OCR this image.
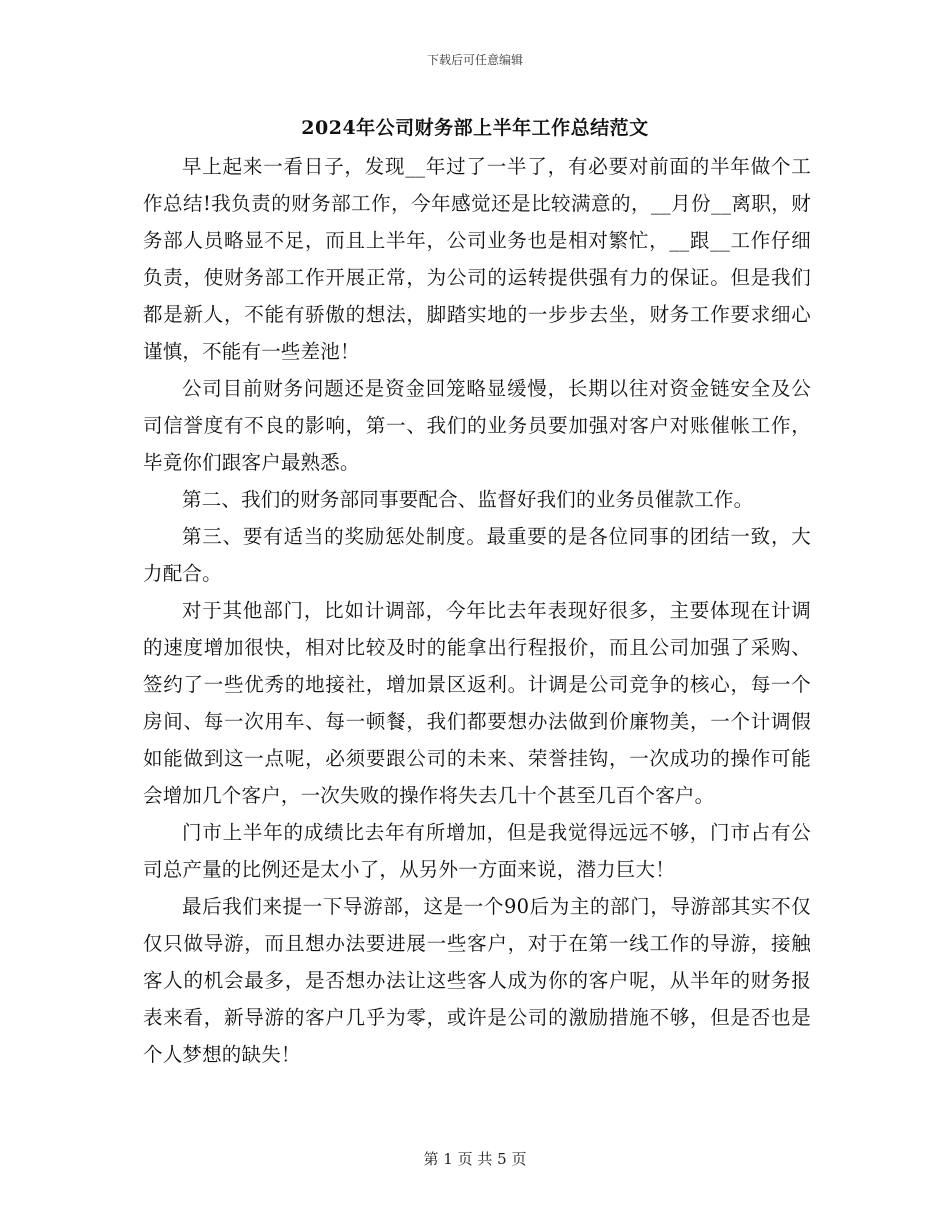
下载后可任意编辑
2024年公司财务部上半年工作总结范文

早上起来一看日子，发现__年过了一半了，有必要对前面的半年做个工作总结!我负责的财务部工作，今年感觉还是比较满意的，__月份__离职，财务部人员略显不足，而且上半年，公司业务也是相对繁忙，__跟__工作仔细负责，使财务部工作开展正常，为公司的运转提供强有力的保证。但是我们都是新人，不能有骄傲的想法，脚踏实地的一步步去坐，财务工作要求细心谨慎，不能有一些差池！

公司目前财务问题还是资金回笼略显缓慢，长期以往对资金链安全及公司信誉度有不良的影响，第一、我们的业务员要加强对客户对账催帐工作，毕竟你们跟客户最熟悉。

第二、我们的财务部同事要配合、监督好我们的业务员催款工作。

第三、要有适当的奖励惩处制度。最重要的是各位同事的团结一致，大力配合。

对于其他部门，比如计调部，今年比去年表现好很多，主要体现在计调的速度增加很快，相对比较及时的能拿出行程报价，而且公司加强了采购、签约了一些优秀的地接社，增加景区返利。计调是公司竞争的核心，每一个房间、每一次用车、每一顿餐，我们都要想办法做到价廉物美，一个计调假如能做到这一点呢，必须要跟公司的未来、荣誉挂钩，一次成功的操作可能会增加几个客户，一次失败的操作将失去几十个甚至几百个客户。

门市上半年的成绩比去年有所增加，但是我觉得远远不够，门市占有公司总产量的比例还是太小了，从另外一方面来说，潜力巨大！

最后我们来提一下导游部，这是一个90后为主的部门，导游部其实不仅仅只做导游，而且想办法要进展一些客户，对于在第一线工作的导游，接触客人的机会最多，是否想办法让这些客人成为你的客户呢，从半年的财务报表来看，新导游的客户几乎为零，或许是公司的激励措施不够，但是否也是个人梦想的缺失！

第 1 页 共 5 页
